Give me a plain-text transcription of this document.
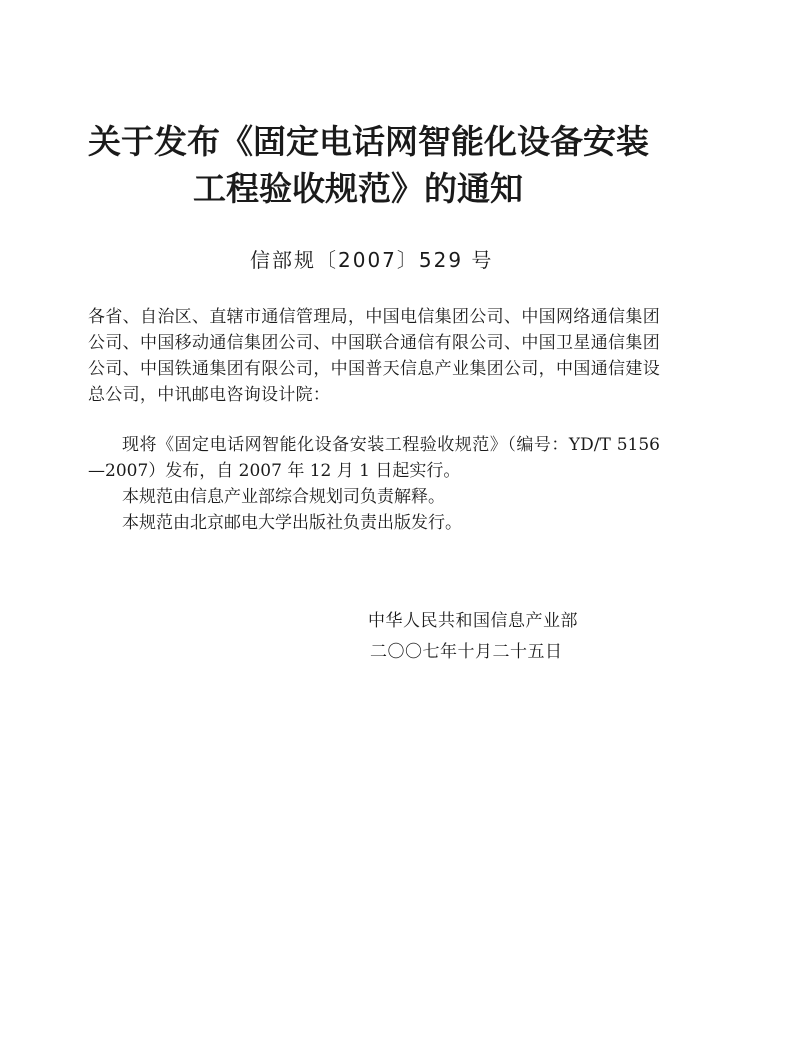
关于发布《固定电话网智能化设备安装
工程验收规范》的通知
信部规〔2007〕529 号
各省、自治区、直辖市通信管理局，中国电信集团公司、中国网络通信集团公司、中国移动通信集团公司、中国联合通信有限公司、中国卫星通信集团公司、中国铁通集团有限公司，中国普天信息产业集团公司，中国通信建设总公司，中讯邮电咨询设计院：
现将《固定电话网智能化设备安装工程验收规范》（编号：YD/T 5156—2007）发布，自 2007 年 12 月 1 日起实行。
本规范由信息产业部综合规划司负责解释。
本规范由北京邮电大学出版社负责出版发行。
中华人民共和国信息产业部
二〇〇七年十月二十五日
